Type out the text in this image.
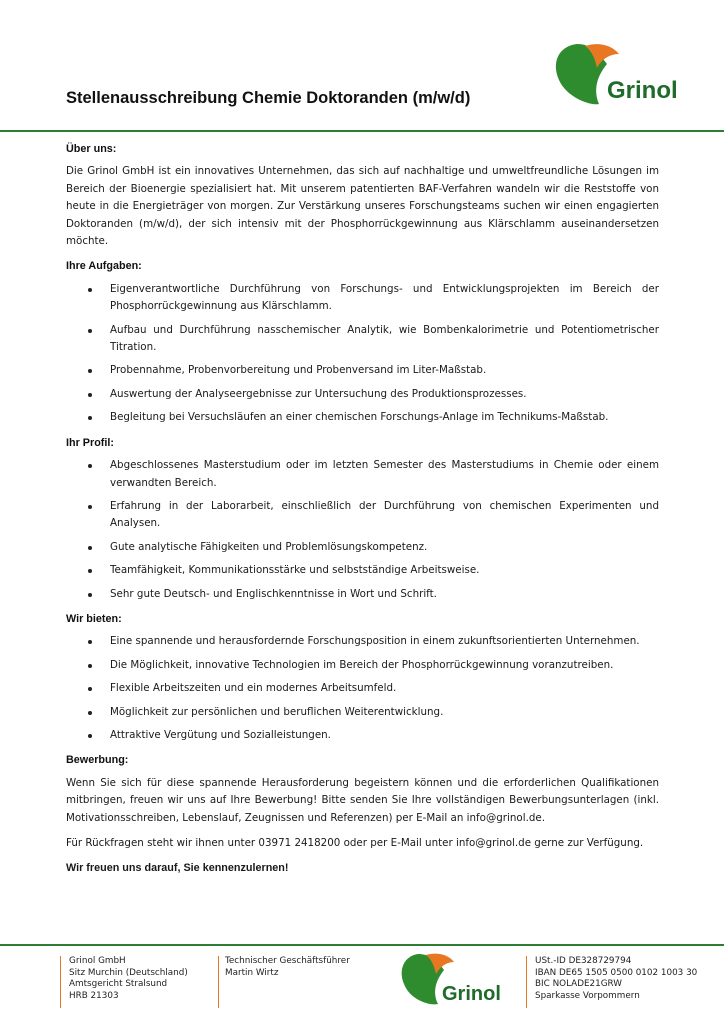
Stellenausschreibung Chemie Doktoranden (m/w/d)	Grinol
Über uns:

Die Grinol GmbH ist ein innovatives Unternehmen, das sich auf nachhaltige und umweltfreundliche Lösungen im Bereich der Bioenergie spezialisiert hat. Mit unserem patentierten BAF-Verfahren wandeln wir die Reststoffe von heute in die Energieträger von morgen. Zur Verstärkung unseres Forschungsteams suchen wir einen engagierten Doktoranden (m/w/d), der sich intensiv mit der Phosphorrückgewinnung aus Klärschlamm auseinandersetzen möchte.

Ihre Aufgaben:
Eigenverantwortliche Durchführung von Forschungs- und Entwicklungsprojekten im Bereich der Phosphorrückgewinnung aus Klärschlamm.
Aufbau und Durchführung nasschemischer Analytik, wie Bombenkalorimetrie und Potentiometrischer Titration.
Probennahme, Probenvorbereitung und Probenversand im Liter-Maßstab.
Auswertung der Analyseergebnisse zur Untersuchung des Produktionsprozesses.
Begleitung bei Versuchsläufen an einer chemischen Forschungs-Anlage im Technikums-Maßstab.
Ihr Profil:
Abgeschlossenes Masterstudium oder im letzten Semester des Masterstudiums in Chemie oder einem verwandten Bereich.
Erfahrung in der Laborarbeit, einschließlich der Durchführung von chemischen Experimenten und Analysen.
Gute analytische Fähigkeiten und Problemlösungskompetenz.
Teamfähigkeit, Kommunikationsstärke und selbstständige Arbeitsweise.
Sehr gute Deutsch- und Englischkenntnisse in Wort und Schrift.
Wir bieten:
Eine spannende und herausfordernde Forschungsposition in einem zukunftsorientierten Unternehmen.
Die Möglichkeit, innovative Technologien im Bereich der Phosphorrückgewinnung voranzutreiben.
Flexible Arbeitszeiten und ein modernes Arbeitsumfeld.
Möglichkeit zur persönlichen und beruflichen Weiterentwicklung.
Attraktive Vergütung und Sozialleistungen.
Bewerbung:

Wenn Sie sich für diese spannende Herausforderung begeistern können und die erforderlichen Qualifikationen mitbringen, freuen wir uns auf Ihre Bewerbung! Bitte senden Sie Ihre vollständigen Bewerbungsunterlagen (inkl. Motivationsschreiben, Lebenslauf, Zeugnissen und Referenzen) per E-Mail an info@grinol.de.

Für Rückfragen steht wir ihnen unter 03971 2418200 oder per E-Mail unter info@grinol.de gerne zur Verfügung.

Wir freuen uns darauf, Sie kennenzulernen!
Grinol GmbH
Sitz Murchin (Deutschland)
Amtsgericht Stralsund
HRB 21303
Technischer Geschäftsführer
Martin Wirtz
Grinol
USt.-ID DE328729794
IBAN DE65 1505 0500 0102 1003 30
BIC NOLADE21GRW
Sparkasse Vorpommern
